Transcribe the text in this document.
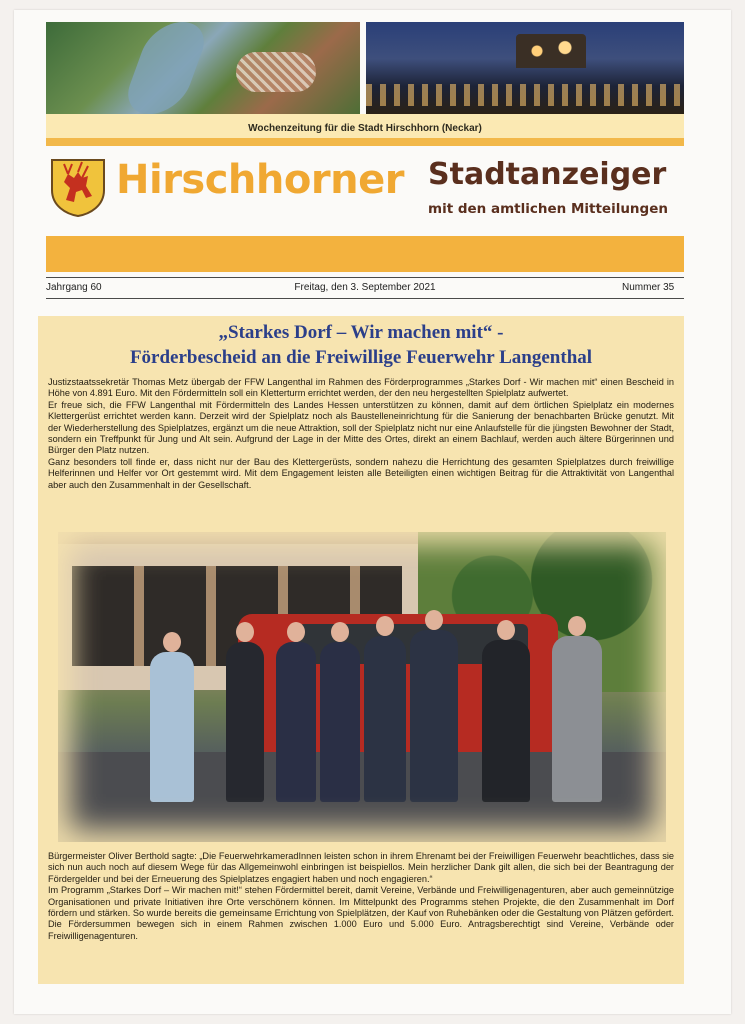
Wochenzeitung für die Stadt Hirschhorn (Neckar)
Hirschhorner Stadtanzeiger
mit den amtlichen Mitteilungen
Jahrgang 60	Freitag, den 3. September 2021	Nummer 35
„Starkes Dorf – Wir machen mit“ -
Förderbescheid an die Freiwillige Feuerwehr Langenthal

Justizstaatssekretär Thomas Metz übergab der FFW Langenthal im Rahmen des Förderprogrammes „Starkes Dorf - Wir machen mit“ einen Bescheid in Höhe von 4.891 Euro. Mit den Fördermitteln soll ein Kletterturm errichtet werden, der den neu hergestellten Spielplatz aufwertet.

Er freue sich, die FFW Langenthal mit Fördermitteln des Landes Hessen unterstützen zu können, damit auf dem örtlichen Spielplatz ein modernes Klettergerüst errichtet werden kann. Derzeit wird der Spielplatz noch als Baustelleneinrichtung für die Sanierung der benachbarten Brücke genutzt. Mit der Wiederherstellung des Spielplatzes, ergänzt um die neue Attraktion, soll der Spielplatz nicht nur eine Anlaufstelle für die jüngsten Bewohner der Stadt, sondern ein Treffpunkt für Jung und Alt sein. Aufgrund der Lage in der Mitte des Ortes, direkt an einem Bachlauf, werden auch ältere Bürgerinnen und Bürger den Platz nutzen.

Ganz besonders toll finde er, dass nicht nur der Bau des Klettergerüsts, sondern nahezu die Herrichtung des gesamten Spielplatzes durch freiwillige Helferinnen und Helfer vor Ort gestemmt wird. Mit dem Engagement leisten alle Beteiligten einen wichtigen Beitrag für die Attraktivität von Langenthal aber auch den Zusammenhalt in der Gesellschaft.

Bürgermeister Oliver Berthold sagte: „Die FeuerwehrkameradInnen leisten schon in ihrem Ehrenamt bei der Freiwilligen Feuerwehr beachtliches, dass sie sich nun auch noch auf diesem Wege für das Allgemeinwohl einbringen ist beispiellos. Mein herzlicher Dank gilt allen, die sich bei der Beantragung der Fördergelder und bei der Erneuerung des Spielplatzes engagiert haben und noch engagieren.“

Im Programm „Starkes Dorf – Wir machen mit!“ stehen Fördermittel bereit, damit Vereine, Verbände und Freiwilligenagenturen, aber auch gemeinnützige Organisationen und private Initiativen ihre Orte verschönern können. Im Mittelpunkt des Programms stehen Projekte, die den Zusammenhalt im Dorf fördern und stärken. So wurde bereits die gemeinsame Errichtung von Spielplätzen, der Kauf von Ruhebänken oder die Gestaltung von Plätzen gefördert. Die Fördersummen bewegen sich in einem Rahmen zwischen 1.000 Euro und 5.000 Euro. Antragsberechtigt sind Vereine, Verbände oder Freiwilligenagenturen.
